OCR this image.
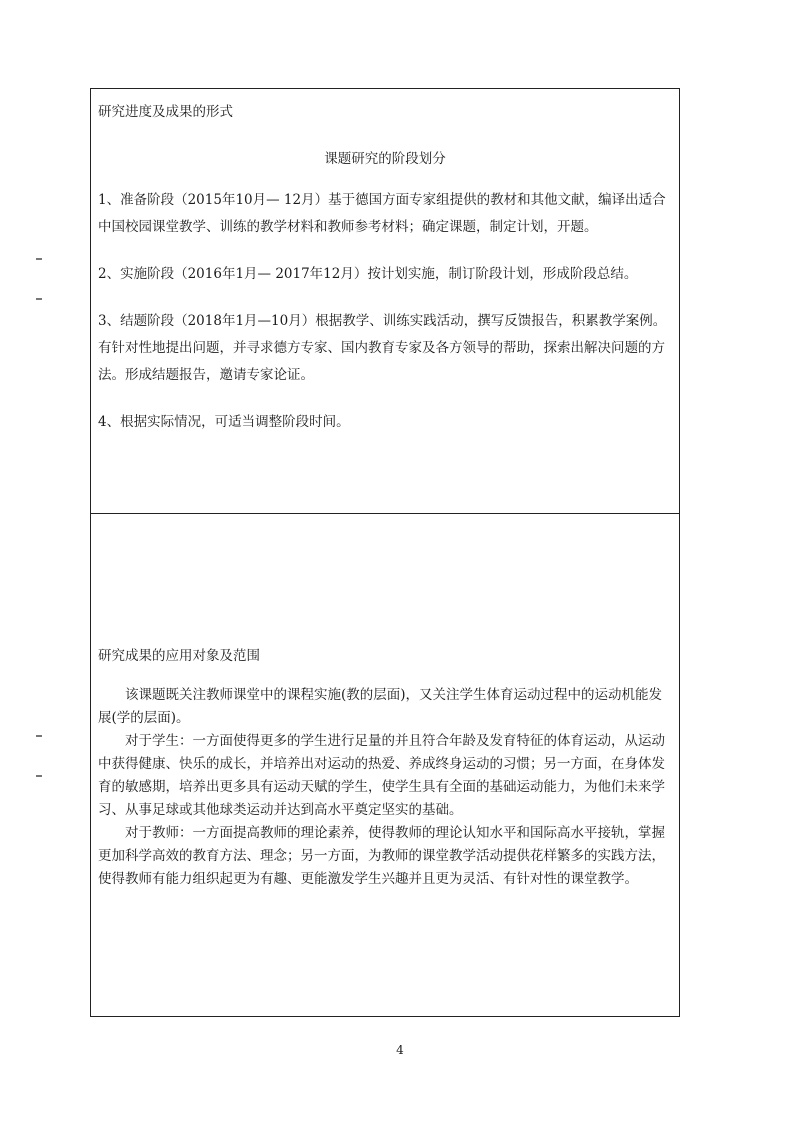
研究进度及成果的形式
课题研究的阶段划分

1、准备阶段（2015年10月— 12月）基于德国方面专家组提供的教材和其他文献，编译出适合中国校园课堂教学、训练的教学材料和教师参考材料；确定课题，制定计划，开题。

2、实施阶段（2016年1月— 2017年12月）按计划实施，制订阶段计划，形成阶段总结。

3、结题阶段（2018年1月—10月）根据教学、训练实践活动，撰写反馈报告，积累教学案例。有针对性地提出问题，并寻求德方专家、国内教育专家及各方领导的帮助，探索出解决问题的方法。形成结题报告，邀请专家论证。

4、根据实际情况，可适当调整阶段时间。

研究成果的应用对象及范围

该课题既关注教师课堂中的课程实施(教的层面)，又关注学生体育运动过程中的运动机能发展(学的层面)。

对于学生：一方面使得更多的学生进行足量的并且符合年龄及发育特征的体育运动，从运动中获得健康、快乐的成长，并培养出对运动的热爱、养成终身运动的习惯；另一方面，在身体发育的敏感期，培养出更多具有运动天赋的学生，使学生具有全面的基础运动能力，为他们未来学习、从事足球或其他球类运动并达到高水平奠定坚实的基础。

对于教师：一方面提高教师的理论素养，使得教师的理论认知水平和国际高水平接轨，掌握更加科学高效的教育方法、理念；另一方面，为教师的课堂教学活动提供花样繁多的实践方法，使得教师有能力组织起更为有趣、更能激发学生兴趣并且更为灵活、有针对性的课堂教学。

4
